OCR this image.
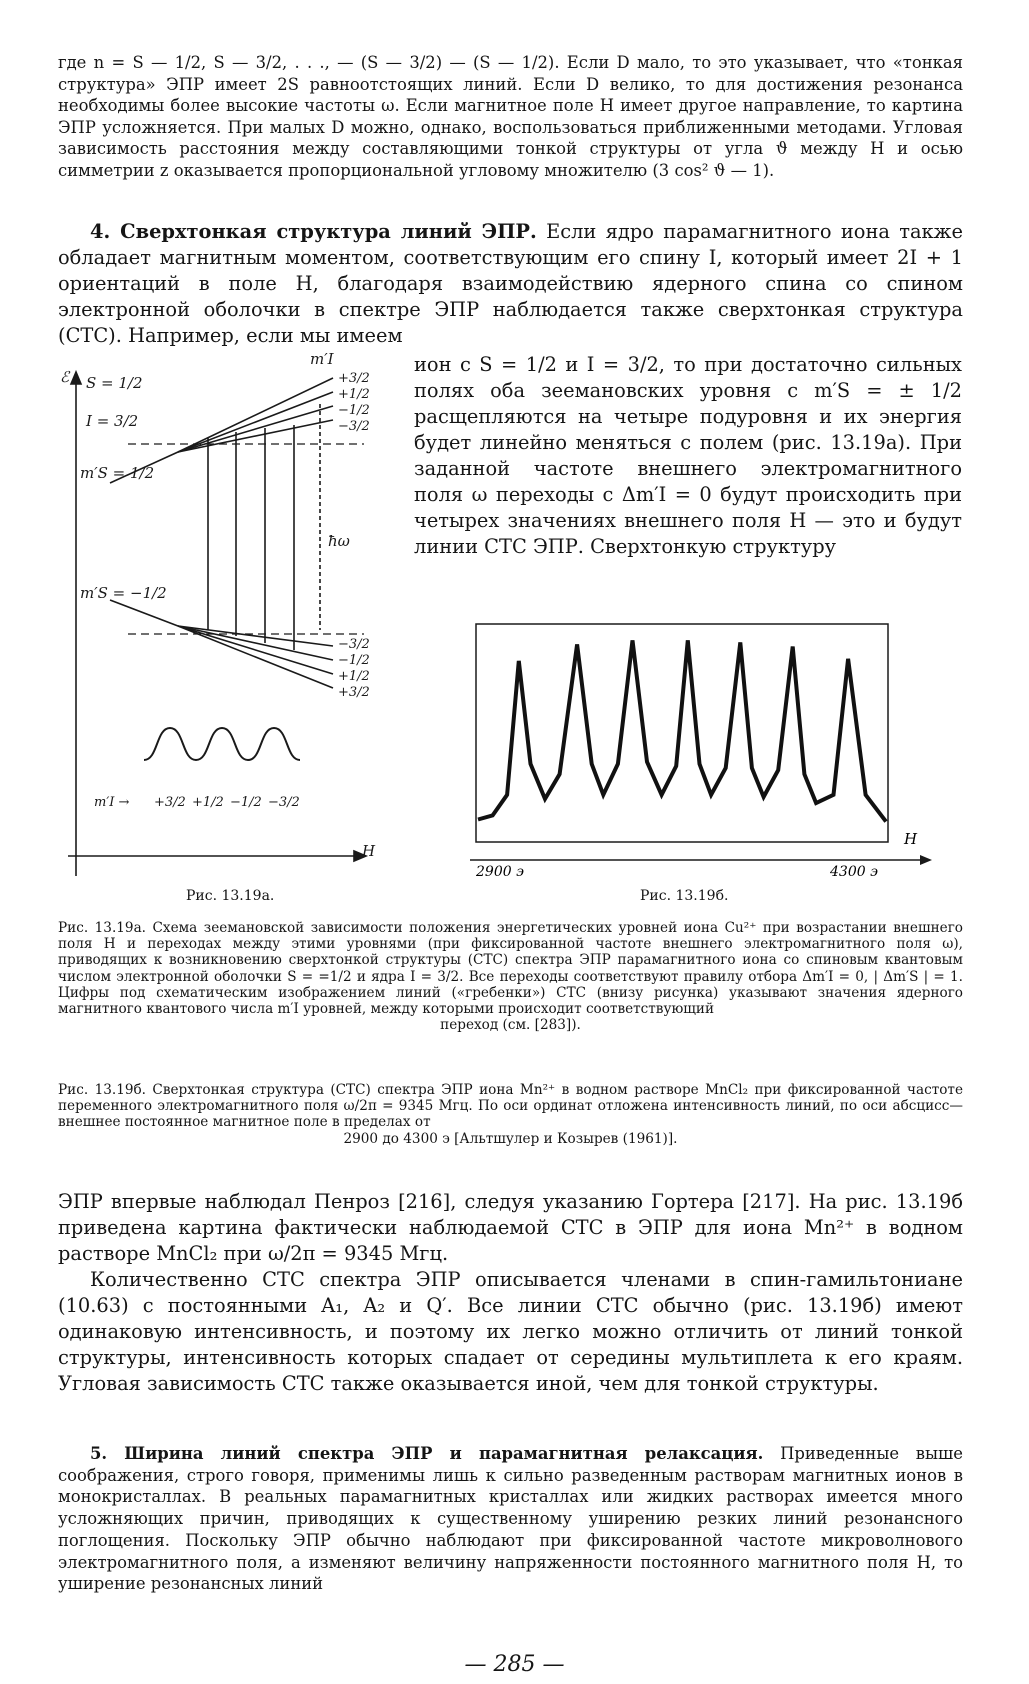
где n = S — 1/2, S — 3/2, . . ., — (S — 3/2) — (S — 1/2). Если D мало, то это указывает, что «тонкая структура» ЭПР имеет 2S равноотстоящих линий. Если D велико, то для достижения резонанса необходимы более высокие частоты ω. Если магнитное поле H имеет другое направление, то картина ЭПР усложняется. При малых D можно, однако, воспользоваться приближенными методами. Угловая зависимость расстояния между составляющими тонкой структуры от угла ϑ между H и осью симметрии z оказывается пропорциональной угловому множителю (3 cos² ϑ — 1).

4. Сверхтонкая структура линий ЭПР. Если ядро парамагнитного иона также обладает магнитным моментом, соответствующим его спину I, который имеет 2I + 1 ориентаций в поле H, благодаря взаимодействию ядерного спина со спином электронной оболочки в спектре ЭПР наблюдается также сверхтонкая структура (СТС). Например, если мы имеем

ион с S = 1/2 и I = 3/2, то при достаточно сильных полях оба зеемановских уровня с m′S = ± 1/2 расщепляются на четыре подуровня и их энергия будет линейно меняться с полем (рис. 13.19а). При заданной частоте внешнего электромагнитного поля ω переходы с Δm′I = 0 будут происходить при четырех значениях внешнего поля H — это и будут линии СТС ЭПР. Сверхтонкую структуру

ℰ
H
S = 1/2
I = 3/2
m′S = 1/2
m′S = −1/2
m′I
ħω
+3/2
+1/2
−1/2
−3/2
−3/2
−1/2
+1/2
+3/2
m′I → +3/2 +1/2 −1/2 −3/2
Рис. 13.19а.
2900 э	4300 э
H
Рис. 13.19б.

Рис. 13.19а. Схема зеемановской зависимости положения энергетических уровней иона Cu²⁺ при возрастании внешнего поля H и переходах между этими уровнями (при фиксированной частоте внешнего электромагнитного поля ω), приводящих к возникновению сверхтонкой структуры (СТС) спектра ЭПР парамагнитного иона со спиновым квантовым числом электронной оболочки S = =1/2 и ядра I = 3/2. Все переходы соответствуют правилу отбора Δm′I = 0, | Δm′S | = 1. Цифры под схематическим изображением линий («гребенки») СТС (внизу рисунка) указывают значения ядерного магнитного квантового числа m′I уровней, между которыми происходит соответствующий
переход (см. [283]).

Рис. 13.19б. Сверхтонкая структура (СТС) спектра ЭПР иона Mn²⁺ в водном растворе MnCl₂ при фиксированной частоте переменного электромагнитного поля ω/2π = 9345 Мгц. По оси ординат отложена интенсивность линий, по оси абсцисс—внешнее постоянное магнитное поле в пределах от
2900 до 4300 э [Альтшулер и Козырев (1961)].

ЭПР впервые наблюдал Пенроз [216], следуя указанию Гортера [217]. На рис. 13.19б приведена картина фактически наблюдаемой СТС в ЭПР для иона Mn²⁺ в водном растворе MnCl₂ при ω/2π = 9345 Мгц.

Количественно СТС спектра ЭПР описывается членами в спин-гамильтониане (10.63) с постоянными A₁, A₂ и Q′. Все линии СТС обычно (рис. 13.19б) имеют одинаковую интенсивность, и поэтому их легко можно отличить от линий тонкой структуры, интенсивность которых спадает от середины мультиплета к его краям. Угловая зависимость СТС также оказывается иной, чем для тонкой структуры.

5. Ширина линий спектра ЭПР и парамагнитная релаксация. Приведенные выше соображения, строго говоря, применимы лишь к сильно разведенным растворам магнитных ионов в монокристаллах. В реальных парамагнитных кристаллах или жидких растворах имеется много усложняющих причин, приводящих к существенному уширению резких линий резонансного поглощения. Поскольку ЭПР обычно наблюдают при фиксированной частоте микроволнового электромагнитного поля, а изменяют величину напряженности постоянного магнитного поля H, то уширение резонансных линий

— 285 —
